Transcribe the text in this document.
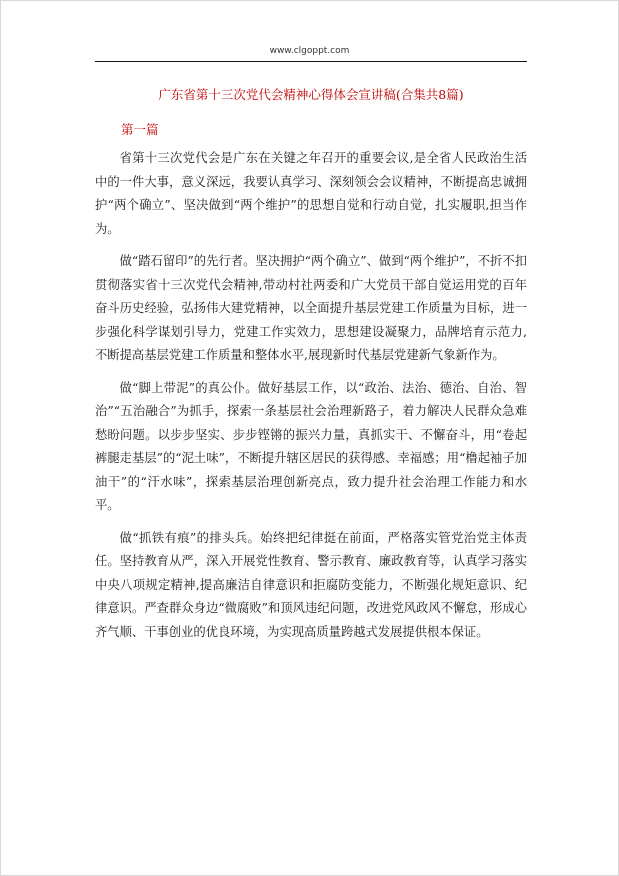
www.clgoppt.com
广东省第十三次党代会精神心得体会宣讲稿(合集共8篇)
第一篇

省第十三次党代会是广东在关键之年召开的重要会议,是全省人民政治生活中的一件大事，意义深远，我要认真学习、深刻领会会议精神，不断提高忠诚拥护“两个确立”、坚决做到“两个维护”的思想自觉和行动自觉，扎实履职,担当作为。

做“踏石留印”的先行者。坚决拥护“两个确立”、做到“两个维护”，不折不扣贯彻落实省十三次党代会精神,带动村社两委和广大党员干部自觉运用党的百年奋斗历史经验，弘扬伟大建党精神，以全面提升基层党建工作质量为目标，进一步强化科学谋划引导力，党建工作实效力，思想建设凝聚力，品牌培育示范力,不断提高基层党建工作质量和整体水平,展现新时代基层党建新气象新作为。

做“脚上带泥”的真公仆。做好基层工作，以“政治、法治、德治、自治、智治”“五治融合”为抓手，探索一条基层社会治理新路子，着力解决人民群众急难愁盼问题。以步步坚实、步步铿锵的振兴力量，真抓实干、不懈奋斗，用“卷起裤腿走基层”的“泥土味”，不断提升辖区居民的获得感、幸福感；用“橹起袖子加油干”的“汗水味”，探索基层治理创新亮点，致力提升社会治理工作能力和水平。

做“抓铁有痕”的排头兵。始终把纪律挺在前面，严格落实管党治党主体责任。坚持教育从严，深入开展党性教育、警示教育、廉政教育等，认真学习落实中央八项规定精神,提高廉洁自律意识和拒腐防变能力，不断强化规矩意识、纪律意识。严查群众身边“微腐败”和顶风违纪问题，改进党风政风不懈怠，形成心齐气顺、干事创业的优良环境，为实现高质量跨越式发展提供根本保证。
